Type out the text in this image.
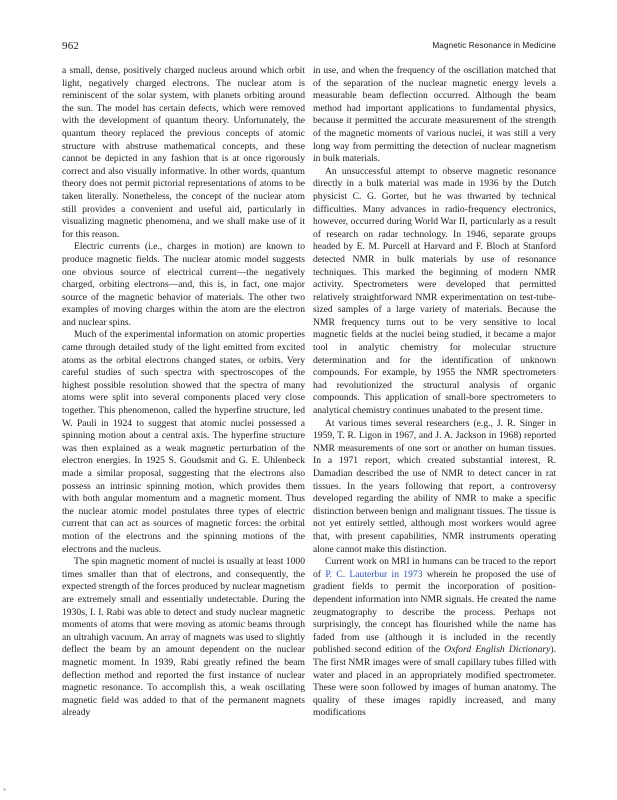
962	Magnetic Resonance in Medicine

a small, dense, positively charged nucleus around which orbit light, negatively charged electrons. The nuclear atom is reminiscent of the solar system, with planets orbiting around the sun. The model has certain defects, which were removed with the development of quantum theory. Unfortunately, the quantum theory replaced the previous concepts of atomic structure with abstruse mathematical concepts, and these cannot be depicted in any fashion that is at once rigorously correct and also visually informative. In other words, quantum theory does not permit pictorial representations of atoms to be taken literally. Nonetheless, the concept of the nuclear atom still provides a convenient and useful aid, particularly in visualizing magnetic phenomena, and we shall make use of it for this reason.

Electric currents (i.e., charges in motion) are known to produce magnetic fields. The nuclear atomic model suggests one obvious source of electrical current—the negatively charged, orbiting electrons—and, this is, in fact, one major source of the magnetic behavior of materials. The other two examples of moving charges within the atom are the electron and nuclear spins.

Much of the experimental information on atomic properties came through detailed study of the light emitted from excited atoms as the orbital electrons changed states, or orbits. Very careful studies of such spectra with spectroscopes of the highest possible resolution showed that the spectra of many atoms were split into several components placed very close together. This phenomenon, called the hyperfine structure, led W. Pauli in 1924 to suggest that atomic nuclei possessed a spinning motion about a central axis. The hyperfine structure was then explained as a weak magnetic perturbation of the electron energies. In 1925 S. Goudsmit and G. E. Uhlenbeck made a similar proposal, suggesting that the electrons also possess an intrinsic spinning motion, which provides them with both angular momentum and a magnetic moment. Thus the nuclear atomic model postulates three types of electric current that can act as sources of magnetic forces: the orbital motion of the electrons and the spinning motions of the electrons and the nucleus.

The spin magnetic moment of nuclei is usually at least 1000 times smaller than that of electrons, and consequently, the expected strength of the forces produced by nuclear magnetism are extremely small and essentially undetectable. During the 1930s, I. I. Rabi was able to detect and study nuclear magnetic moments of atoms that were moving as atomic beams through an ultrahigh vacuum. An array of magnets was used to slightly deflect the beam by an amount dependent on the nuclear magnetic moment. In 1939, Rabi greatly refined the beam deflection method and reported the first instance of nuclear magnetic resonance. To accomplish this, a weak oscillating magnetic field was added to that of the permanent magnets already

in use, and when the frequency of the oscillation matched that of the separation of the nuclear magnetic energy levels a measurable beam deflection occurred. Although the beam method had important applications to fundamental physics, because it permitted the accurate measurement of the strength of the magnetic moments of various nuclei, it was still a very long way from permitting the detection of nuclear magnetism in bulk materials.

An unsuccessful attempt to observe magnetic resonance directly in a bulk material was made in 1936 by the Dutch physicist C. G. Gorter, but he was thwarted by technical difficulties. Many advances in radio-frequency electronics, however, occurred during World War II, particularly as a result of research on radar technology. In 1946, separate groups headed by E. M. Purcell at Harvard and F. Bloch at Stanford detected NMR in bulk materials by use of resonance techniques. This marked the beginning of modern NMR activity. Spectrometers were developed that permitted relatively straightforward NMR experimentation on test-tube-sized samples of a large variety of materials. Because the NMR frequency turns out to be very sensitive to local magnetic fields at the nuclei being studied, it became a major tool in analytic chemistry for molecular structure determination and for the identification of unknown compounds. For example, by 1955 the NMR spectrometers had revolutionized the structural analysis of organic compounds. This application of small-bore spectrometers to analytical chemistry continues unabated to the present time.

At various times several researchers (e.g., J. R. Singer in 1959, T. R. Ligon in 1967, and J. A. Jackson in 1968) reported NMR measurements of one sort or another on human tissues. In a 1971 report, which created substantial interest, R. Damadian described the use of NMR to detect cancer in rat tissues. In the years following that report, a controversy developed regarding the ability of NMR to make a specific distinction between benign and malignant tissues. The tissue is not yet entirely settled, although most workers would agree that, with present capabilities, NMR instruments operating alone cannot make this distinction.

Current work on MRI in humans can be traced to the report of P. C. Lauterbur in 1973 wherein he proposed the use of gradient fields to permit the incorporation of position-dependent information into NMR signals. He created the name zeugmatography to describe the process. Perhaps not surprisingly, the concept has flourished while the name has faded from use (although it is included in the recently published second edition of the Oxford English Dictionary). The first NMR images were of small capillary tubes filled with water and placed in an appropriately modified spectrometer. These were soon followed by images of human anatomy. The quality of these images rapidly increased, and many modifications
